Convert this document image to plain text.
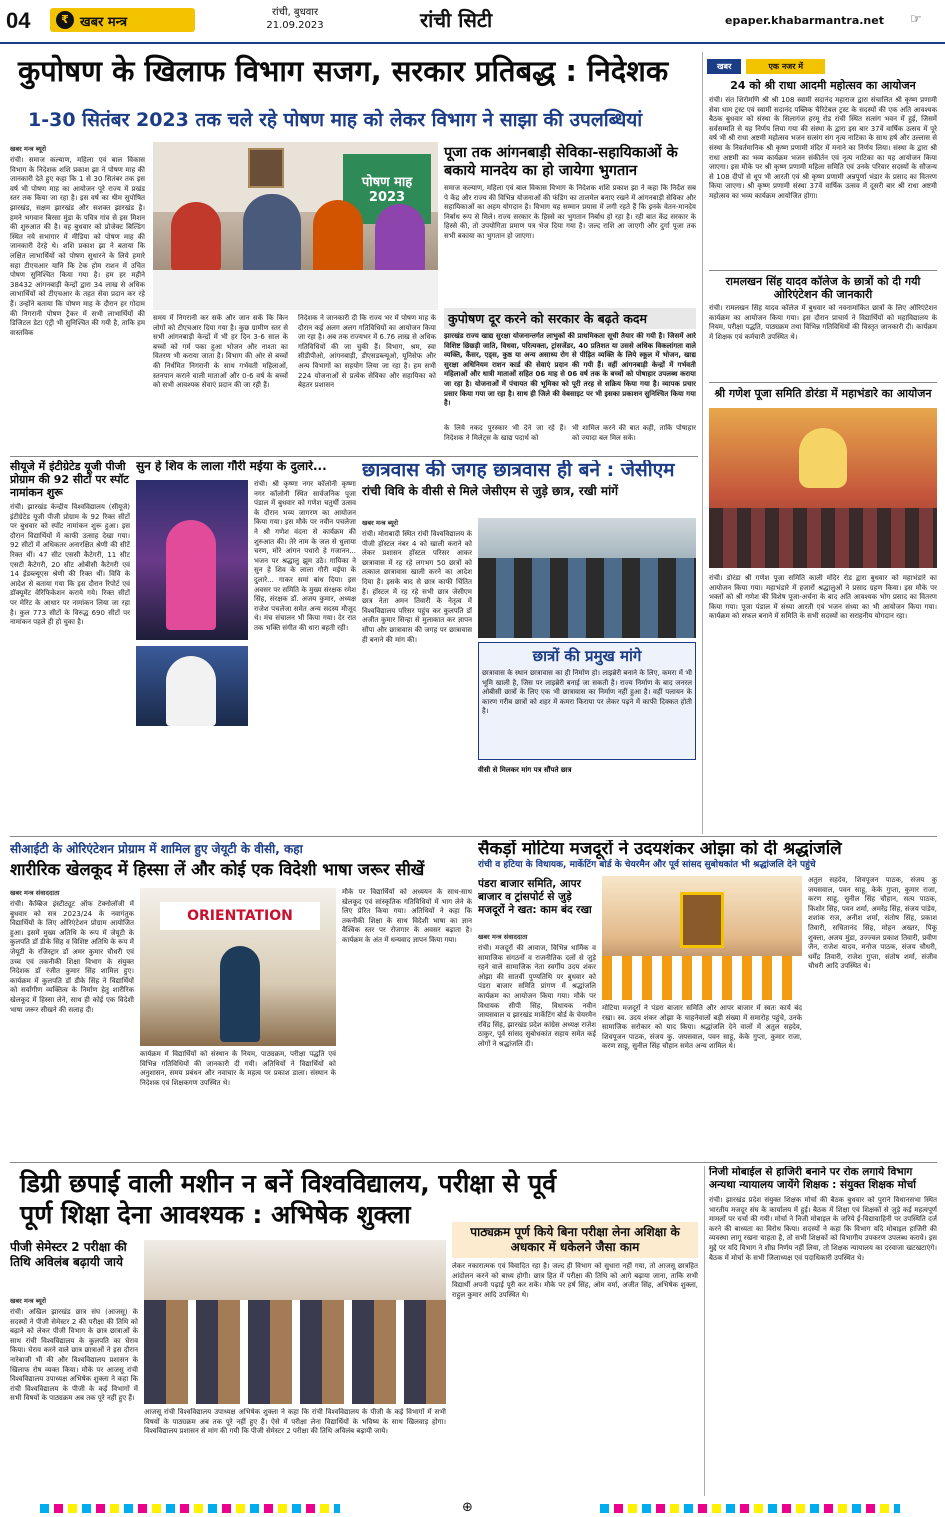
04	₹ खबर मन्त्र
रांची, बुधवार
21.09.2023	रांची सिटी	epaper.khabarmantra.net ☞
कुपोषण के खिलाफ विभाग सजग, सरकार प्रतिबद्ध : निदेशक
1-30 सितंबर 2023 तक चले रहे पोषण माह को लेकर विभाग ने साझा की उपलब्धियां
खबर मन्त्र ब्यूरो
रांची। समाज कल्याण, महिला एवं बाल विकास विभाग के निदेशक शशि प्रकाश झा ने पोषण माह की जानकारी देते हुए कहा कि 1 से 30 सितंबर तक इस वर्ष भी पोषण माह का आयोजन पूरे राज्य में प्रखंड स्तर तक किया जा रहा है। इस वर्ष का थीम सुपोषित झारखंड, सक्षम झारखंड और सशक्त झारखंड है। हमने भगवान बिरसा मुंडा के पवित्र गांव से इस मिशन की शुरुआत की है। वह बुधवार को प्रोजेक्ट बिल्डिंग स्थित नये सभागार में मीडिया को पोषण माह की जानकारी देरहे थे। शशि प्रकाश झा ने बताया कि लक्षित लाभार्थियों को पोषण सुधारने के लिये हमारे सहा टीएचआर यानि कि टेक होम राशन में उचित पोषण सुनिश्चित किया गया है। हम हर महीने 38432 आंगनबाड़ी केन्द्रों द्वारा 34 लाख से अधिक लाभार्थियों को टीएचआर के तहत सेवा प्रदान कर रहे हैं। उन्होंने बताया कि पोषण माह के दौरान हर गोदाम की निगरानी पोषण ट्रैकर में सभी लाभार्थियों की डिजिटल डेटा एंट्री भी सुनिश्चित की गयी है, ताकि हम वास्तविक
पोषण माह 2023
समय में निगरानी कर सकें और जान सकें कि किन लोगों को टीएचआर दिया गया है। कुछ ग्रामीण स्तर से सभी आंगनबाड़ी केन्द्रों में भी हर दिन 3-6 साल के बच्चों को गर्म पका हुआ भोजन और नाश्ता का वितरण भी कराया जाता है। विभाग की ओर से बच्चों की निर्धमित निगरानी के साथ गर्भवती महिलाओं, स्तनपान कराने वाली माताओं और 0-6 वर्ष के बच्चों को सभी आवश्यक सेवाएं प्रदान की जा रही हैं।
निदेशक ने जानकारी दी कि राज्य भर में पोषण माह के दौरान कई अलग अलग गतिविधियों का आयोजन किया जा रहा है। अब तक राज्यभर में 6.76 लाख से अधिक गतिविधियों की जा चुकी हैं। विभाग, श्रम, स्वा सीडीपीओ, आंगनबाड़ी, डीएसडब्ल्यूओ, यूनिसेफ और अन्य विभागों का सहयोग लिया जा रहा है। हम सभी 224 योजनाओं से प्रत्येक सेविका और सहायिका को बेहतर प्रशासन
पूजा तक आंगनबाड़ी सेविका-सहायिकाओं के बकाये मानदेय का हो जायेगा भुगतान
समाज कल्याण, महिला एवं बाल विकास विभाग के निदेशक शशि प्रकाश झा ने कहा कि निर्देश सब पे केंद्र और राज्य की विभिन्न योजनाओं की फंडिंग का तालमेल बनाए रखने में आंगनबाड़ी सेविका और सहायिकाओं का अहम योगदान है। विभाग यह सम्मान प्रयास में लगी रहते हैं कि इनके वेतन-मानदेय निर्बाध रूप से मिले। राज्य सरकार के हिस्से का भुगतान निर्बाध हो रहा है। रही बात केंद्र सरकार के हिस्से की, तो उपयोगिता प्रमाण पत्र भेज दिया गया है। जल्द राशि आ जाएगी और दुर्गा पूजा तक सभी बकाया का भुगतान हो जाएगा।
कुपोषण दूर करने को सरकार के बढ़ते कदम
झारखंड राज्य खाद्य सुरक्षा योजनान्तर्गत लाभुकों की प्राथमिकता सूची तैयार की गयी है। जिसमें आरे विशिष्ट छिछड़ी जाति, विधवा, परित्यक्ता, ट्रांसजेंडर, 40 प्रतिशत या उससे अधिक विकलांगता वाले व्यक्ति, कैंसर, एड्स, कुष्ठ या अन्य असाध्य रोग से पीड़ित व्यक्ति के लिये स्कूल में भोजन, खाद्य सुरक्षा अधिनियम राशन कार्ड की सेवाएं प्रदान की गयी हैं। वहीं आंगनबाड़ी केन्द्रों में गर्भवती महिलाओं और धात्री माताओं सहित 06 माह से 06 वर्ष तक के बच्चों को पोषाहार उपलब्ध कराया जा रहा है। योजनाओं में पंचायत की भूमिका को पूरी तरह से सक्रिय किया गया है। व्यापक प्रचार प्रसार किया गया जा रहा है। साथ ही जिले की वेबसाइट पर भी इसका प्रकाशन सुनिश्चित किया गया है।
के लिये नकद पुरस्कार भी देने जा रहे हैं। निदेशक ने मिलेट्स के खाद्य पदार्थ को
भी शामिल करने की बात कही, ताकि पोषाहार को ज्यादा बल मिल सके।
खबर	एक नजर में
24 को श्री राधा आदमी महोत्सव का आयोजन
रांची। संत शिरोमणि श्री श्री 108 स्वामी सदानंद महाराज द्वारा संचालित श्री कृष्ण प्रणामी सेवा धाम ट्रस्ट एवं स्वामी सदानंद पब्लिक चैरिटेबल ट्रस्ट के सदस्यों की एक अति आवश्यक बैठक बुधवार को संस्था के सिलागंज हरमू रोड रांची स्थित सत्संग भवन में हुई, जिसमें सर्वसम्मति से यह निर्णय लिया गया की संस्था के द्वारा इस बार 37वें वार्षिक उत्सव में पूरे वर्ष भी श्री राधा अष्टमी महोत्सव भजन सत्संग संग नृत्य नाटिका के साथ हर्ष और उल्लास से संस्था के निवर्तमानिक श्री कृष्ण प्रणामी मंदिर में मनाने का निर्णय लिया। संस्था के द्वारा श्री राधा अष्टमी का भव्य कार्यक्रम भजन संकीर्तन एवं नृत्य नाटिका का यह आयोजन किया जाएगा। इस मौके पर श्री कृष्ण प्रणामी महिला समिति एवं उनके परिवार सदस्यों के सौजन्य से 108 दीपों से धूप भी आरती एवं श्री कृष्ण प्रणामी अन्नपूर्णा भंडार के प्रसाद का वितरण किया जाएगा। श्री कृष्ण प्रणामी संस्था 37वें वार्षिक उत्सव में दूसरी बार श्री राधा अष्टमी महोत्सव का भव्य कार्यक्रम आयोजित होगा।
रामलखन सिंह यादव कॉलेज के छात्रों को दी गयी ओरिएंटेशन की जानकारी
रांची। रामलखन सिंह यादव कॉलेज में बुधवार को नवनामांकित छात्रों के लिए ओरिएंटेशन कार्यक्रम का आयोजन किया गया। इस दौरान प्राचार्य ने विद्यार्थियों को महाविद्यालय के नियम, परीक्षा पद्धति, पाठ्यक्रम तथा विभिन्न गतिविधियों की विस्तृत जानकारी दी। कार्यक्रम में शिक्षक एवं कर्मचारी उपस्थित थे।
श्री गणेश पूजा समिति डोरंडा में महाभंडारे का आयोजन
रांची। डोरंडा श्री गणेश पूजा समिति काली मंदिर रोड द्वारा बुधवार को महाभंडारे का आयोजन किया गया। महाभंडारे में हजारों श्रद्धालुओं ने प्रसाद ग्रहण किया। इस मौके पर भक्तों को श्री गणेश की विशेष पूजा-अर्चना के बाद अति आवश्यक भोग प्रसाद का वितरण किया गया। पूजा पंडाल में संध्या आरती एवं भजन संध्या का भी आयोजन किया गया। कार्यक्रम को सफल बनाने में समिति के सभी सदस्यों का सराहनीय योगदान रहा।
सीयूजे में इंटीग्रेटेड यूजी पीजी प्रोग्राम की 92 सीटों पर स्पॉट नामांकन शुरू
रांची। झारखंड केन्द्रीय विश्वविद्यालय (सीयूजे) इंटीग्रेटेड यूजी पीजी प्रोग्राम के 92 रिक्त सीटों पर बुधवार को स्पॉट नामांकन शुरू हुआ। इस दौरान विद्यार्थियों में काफी उत्साह देखा गया। 92 सीटों में अधिकतर अनारक्षित श्रेणी की सीटें रिक्त थीं। 47 सीट एससी कैटेगरी, 11 सीट एसटी कैटेगरी, 20 सीट ओबीसी कैटेगरी एवं 14 ईडब्ल्यूएस श्रेणी की रिक्त थीं। विवि के आदेश से बताया गया कि इस दौरान रिपोर्ट एवं डॉक्यूमेंट वेरिफिकेशन कराये गये। रिक्त सीटों पर मेरिट के आधार पर नामांकन लिया जा रहा है। कुल 773 सीटों के विरुद्ध 690 सीटों पर नामांकन पहले ही हो चुका है।
सुन हे शिव के लाला गौरी मईया के दुलारे...
रांची। श्री कृष्णा नगर कॉलोनी कृष्णा नगर कॉलोनी स्थित सार्वजनिक पूजा पंडाल में बुधवार को गणेश चतुर्थी उत्सव के दौरान भव्य जागरण का आयोजन किया गया। इस मौके पर नवीन पचलेजा ने श्री गणेश वंदना से कार्यक्रम की शुरुआत की। तेरे नाम के जल से धुलाया चरण, मोरे आंगन पधारो हे गजानन... भजन पर श्रद्धालु झूम उठे। गायिका ने सुन हे शिव के लाला गौरी मईया के दुलारे... गाकर समां बांध दिया। इस अवसर पर समिति के मुख्य संरक्षक रमेश सिंह, संरक्षक डॉ. अजय कुमार, अध्यक्ष राजेश पचलेजा समेत अन्य सदस्य मौजूद थे। मंच संचालन भी किया गया। देर रात तक भक्ति संगीत की धारा बहती रही।
छात्रवास की जगह छात्रवास ही बने : जेसीएम
रांची विवि के वीसी से मिले जेसीएम से जुड़े छात्र, रखी मांगें
खबर मन्त्र ब्यूरो
रांची। मोराबादी स्थित रांची विश्वविद्यालय के पीजी हॉस्टल नंबर 4 को खाली कराने को लेकर प्रशासन हॉस्टल परिसर आकर छात्रावास में रह रहे लगभग 50 छात्रों को तत्काल छात्रावास खाली करने का आदेश दिया है। इसके बाद से छात्र काफी चिंतित हैं। हॉस्टल में रह रहे सभी छात्र जेसीएम छात्र नेता अमन तिवारी के नेतृत्व में विश्वविद्यालय परिसर पहुंच कर कुलपति डॉ अजीत कुमार सिन्हा से मुलाकात कर ज्ञापन सौंपा और छात्रावास की जगह पर छात्रावास ही बनाने की मांग की।
छात्रों की प्रमुख मांगे
छात्रावास के स्थान छात्रावास का ही निर्माण हो। लाइब्रेरी बनाने के लिए, कमरा में भी भूमि खाली है, जिस पर लाइब्रेरी बनाई जा सकती है। राज्य निर्माण के बाद जनरल ओबीसी छात्रों के लिए एक भी छात्रावास का निर्माण नहीं हुआ है। वहीं पलायन के कारण गरीब छात्रों को शहर में कमरा किराया पर लेकर पढ़ने में काफी दिक्कत होती है।
वीसी से मिलकर मांग पत्र सौंपते छात्र
सीआईटी के ओरिएंटेशन प्रोग्राम में शामिल हुए जेयूटी के वीसी, कहा
शारीरिक खेलकूद में हिस्सा लें और कोई एक विदेशी भाषा जरूर सीखें
खबर मन्त्र संवाददाता
रांची। कैम्ब्रिज इंस्टीट्यूट ऑफ टेक्नोलॉजी में बुधवार को सत्र 2023/24 के नवागंतुक विद्यार्थियों के लिए ओरिएंटेशन प्रोग्राम आयोजित हुआ। इसमें मुख्य अतिथि के रूप में जेयूटी के कुलपति डॉ डीके सिंह व विशिष्ट अतिथि के रूप में जेयूटी के रजिस्ट्रार डॉ अमर कुमार चौधरी एवं उच्च एवं तकनीकी शिक्षा विभाग के संयुक्त निदेशक डॉ रंजीत कुमार सिंह शामिल हुए। कार्यक्रम में कुलपति डॉ डीके सिंह ने विद्यार्थियों को सर्वांगीण व्यक्तित्व के निर्माण हेतु शारीरिक खेलकूद में हिस्सा लेने, साथ ही कोई एक विदेशी भाषा जरूर सीखने की सलाह दी।
ORIENTATION
कार्यक्रम में विद्यार्थियों को संस्थान के नियम, पाठ्यक्रम, परीक्षा पद्धति एवं विभिन्न गतिविधियों की जानकारी दी गयी। अतिथियों ने विद्यार्थियों को अनुशासन, समय प्रबंधन और नवाचार के महत्व पर प्रकाश डाला। संस्थान के निदेशक एवं शिक्षकगण उपस्थित थे।
मौके पर विद्यार्थियों को अध्ययन के साथ-साथ खेलकूद एवं सांस्कृतिक गतिविधियों में भाग लेने के लिए प्रेरित किया गया। अतिथियों ने कहा कि तकनीकी शिक्षा के साथ विदेशी भाषा का ज्ञान वैश्विक स्तर पर रोजगार के अवसर बढ़ाता है। कार्यक्रम के अंत में धन्यवाद ज्ञापन किया गया।
सैकड़ों मोटिया मजदूरों ने उदयशंकर ओझा को दी श्रद्धांजलि
रांची व हटिया के विधायक, मार्केटिंग बोर्ड के चेयरमैन और पूर्व सांसद सुबोधकांत भी श्रद्धांजलि देने पहुंचे
पंडरा बाजार समिति, आपर बाजार व ट्रांसपोर्ट से जुड़े मजदूरों ने खत: काम बंद रखा
खबर मन्त्र संवाददाता
रांची। मजदूरों की आवाज, विभिन्न धार्मिक व सामाजिक संगठनों व राजनीतिक दलों से जुड़े रहने वाले सामाजिक नेता स्वर्गीय उदय शंकर ओझा की सातवीं पुण्यतिथि पर बुधवार को पंडरा बाजार समिति प्रांगण में श्रद्धांजलि कार्यक्रम का आयोजन किया गया। मौके पर विधायक सीपी सिंह, विधायक नवीन जायसवाल व झारखंड मार्केटिंग बोर्ड के चेयरमैन रविंद्र सिंह, झारखंड प्रदेश कांग्रेस अध्यक्ष राजेश ठाकुर, पूर्व सांसद सुबोधकांत सहाय समेत कई लोगों ने श्रद्धांजलि दी।
मोटिया मजदूरों ने पंडरा बाजार समिति और आपर बाजार में स्वतः कार्य बंद रखा। स्व. उदय शंकर ओझा के चाहनेवालों बड़ी संख्या में समारोह पहुंचे, उनके सामाजिक सरोकार को याद किया। श्रद्धांजलि देने वालों में अतुल सहदेव, शिवपूजन पाठक, संजय कु. जयसवाल, पवन साहू, केके गुप्ता, कुमार राजा, करण साहू, सुनील सिंह चौहान समेत अन्य शामिल थे।
अतुल सहदेव, शिवपूजन पाठक, संजय कु जयसवाल, पवन साहू, केके गुप्ता, कुमार राजा, करण साहू, सुनील सिंह चौहान, सत्य पाठक, किशोर सिंह, पवन शर्मा, अमरेंद्र सिंह, संजय पांडेय, शशांक राज, अनीश शर्मा, संतोष सिंह, प्रकाश तिवारी, सचितानंद सिंह, मोहन अख्तर, पिंकू शुक्ला, अजय मुंडा, उज्ज्वल प्रकाश तिवारी, प्रवीण जैन, राजेश यादव, मनोज पाठक, संजय चौधरी, धर्मेंद्र तिवारी, राजेश गुप्ता, संतोष शर्मा, संजीव चौधरी आदि उपस्थित थे।
डिग्री छपाई वाली मशीन न बनें विश्वविद्यालय, परीक्षा से पूर्व पूर्ण शिक्षा देना आवश्यक : अभिषेक शुक्ला
पीजी सेमेस्टर 2 परीक्षा की तिथि अविलंब बढ़ायी जाये
खबर मन्त्र ब्यूरो
रांची। अखिल झारखंड छात्र संघ (आजसू) के सदस्यों ने पीजी सेमेस्टर 2 की परीक्षा की तिथि को बढ़ाने को लेकर पीजी विभाग के छात्र छात्राओं के साथ रांची विश्वविद्यालय के कुलपति का घेराव किया। घेराव करने वाले छात्र छात्राओं ने इस दौरान नारेबाजी भी की और विश्वविद्यालय प्रशासन के खिलाफ रोष व्यक्त किया। मौके पर आजसू रांची विश्वविद्यालय उपाध्यक्ष अभिषेक शुक्ला ने कहा कि रांची विश्वविद्यालय के पीजी के कई विभागों में सभी विषयों के पाठ्यक्रम अब तक पूरे नहीं हुए हैं।
आजसू रांची विश्वविद्यालय उपाध्यक्ष अभिषेक शुक्ला ने कहा कि रांची विश्वविद्यालय के पीजी के कई विभागों में सभी विषयों के पाठ्यक्रम अब तक पूरे नहीं हुए हैं। ऐसे में परीक्षा लेना विद्यार्थियों के भविष्य के साथ खिलवाड़ होगा। विश्वविद्यालय प्रशासन से मांग की गयी कि पीजी सेमेस्टर 2 परीक्षा की तिथि अविलंब बढ़ायी जाये।
पाठ्यक्रम पूर्ण किये बिना परीक्षा लेना अशिक्षा के अधकार में धकेलने जैसा काम
लेकर नकारात्मक एवं विवादित रहा है। जल्द ही विभाग को सुधारा नहीं गया, तो आजसू छात्रहित आंदोलन करने को बाध्य होगी। छात्र हित में परीक्षा की तिथि को आगे बढ़ाया जाना, ताकि सभी विद्यार्थी अपनी पढ़ाई पूरी कर सकें। मौके पर हर्ष सिंह, ओम वर्मा, अजीत सिंह, अभिषेक शुक्ला, राहुल कुमार आदि उपस्थित थे।
निजी मोबाईल से हाजिरी बनाने पर रोक लगाये विभाग अन्यथा न्यायालय जायेंगे शिक्षक : संयुक्त शिक्षक मोर्चा
रांची। झारखंड प्रदेश संयुक्त शिक्षक मोर्चा की बैठक बुधवार को पुराने विधानसभा स्थित भारतीय मजदूर संघ के कार्यालय में हुई। बैठक में शिक्षा एवं शिक्षकों से जुड़े कई महत्वपूर्ण मामलों पर चर्चा की गयी। मोर्चा ने निजी मोबाइल के जरिये ई-विद्यावाहिनी पर उपस्थिति दर्ज करने की बाध्यता का विरोध किया। सदस्यों ने कहा कि विभाग यदि मोबाइल हाजिरी की व्यवस्था लागू रखना चाहता है, तो सभी शिक्षकों को विभागीय उपकरण उपलब्ध कराये। इस मुद्दे पर यदि विभाग ने शीघ्र निर्णय नहीं लिया, तो शिक्षक न्यायालय का दरवाजा खटखटाएंगे। बैठक में मोर्चा के सभी जिलाध्यक्ष एवं पदाधिकारी उपस्थित थे।
⊕
